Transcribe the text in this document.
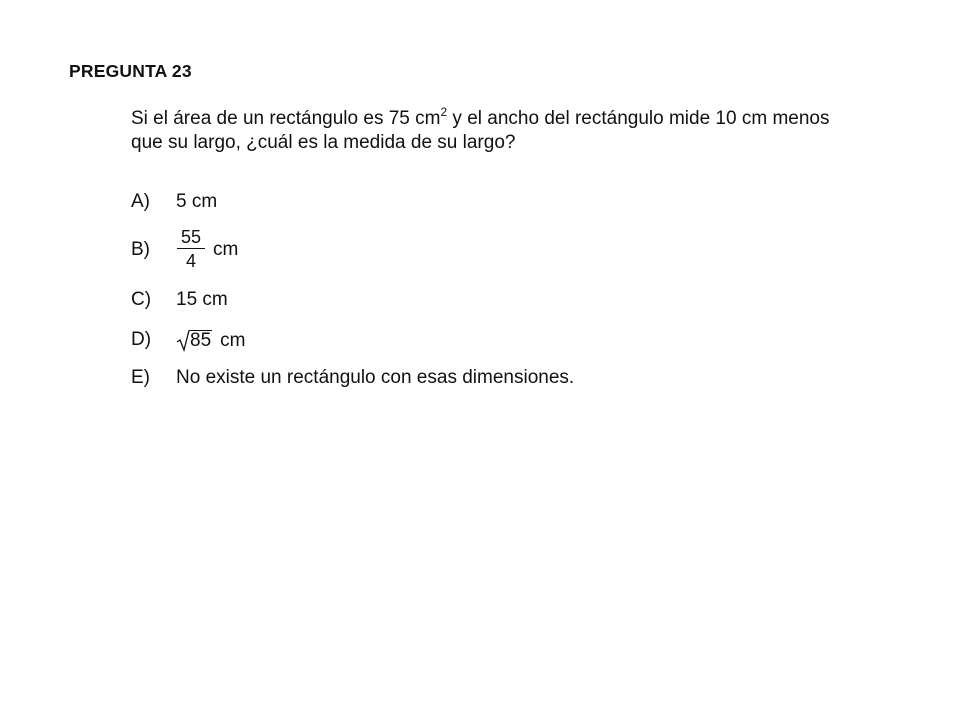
PREGUNTA 23
Si el área de un rectángulo es 75 $cm^2$ y el ancho del rectángulo mide 10 cm menos
que su largo, ¿cuál es la medida de su largo?
A) 5 cm
B)
55
4
cm
C) 15 cm
D)	85 cm
E) No existe un rectángulo con esas dimensiones.
